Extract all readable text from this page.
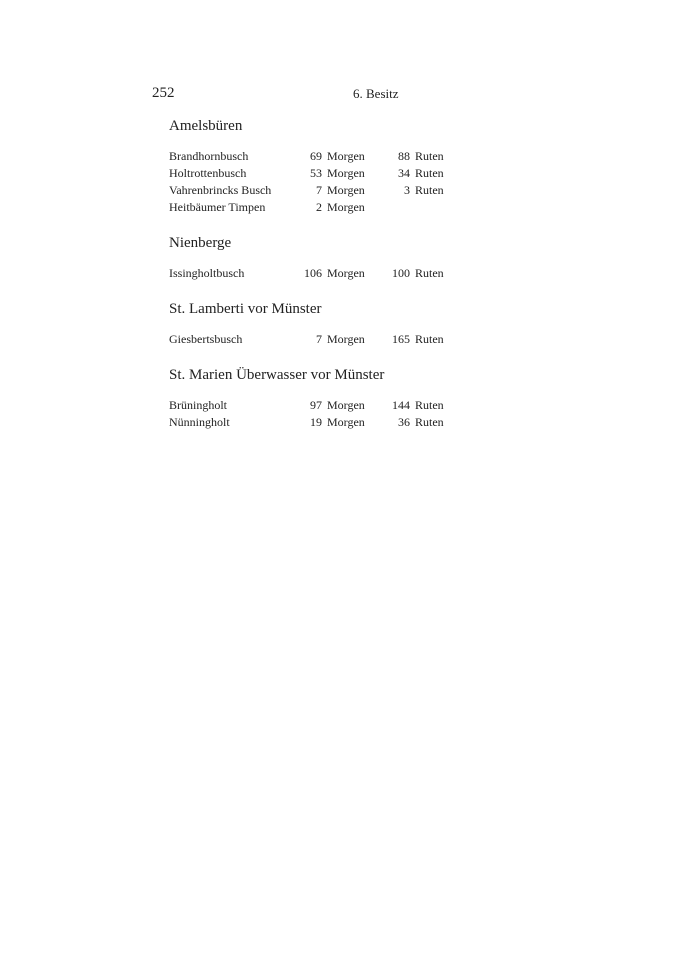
252	6. Besitz
Amelsbüren
Brandhornbusch	69 Morgen	88 Ruten
Holtrottenbusch	53 Morgen	34 Ruten
Vahrenbrincks Busch	7 Morgen	3 Ruten
Heitbäumer Timpen	2 Morgen
Nienberge
Issingholtbusch	106 Morgen	100 Ruten
St. Lamberti vor Münster
Giesbertsbusch	7 Morgen	165 Ruten
St. Marien Überwasser vor Münster
Brüningholt	97 Morgen	144 Ruten
Nünningholt	19 Morgen	36 Ruten
